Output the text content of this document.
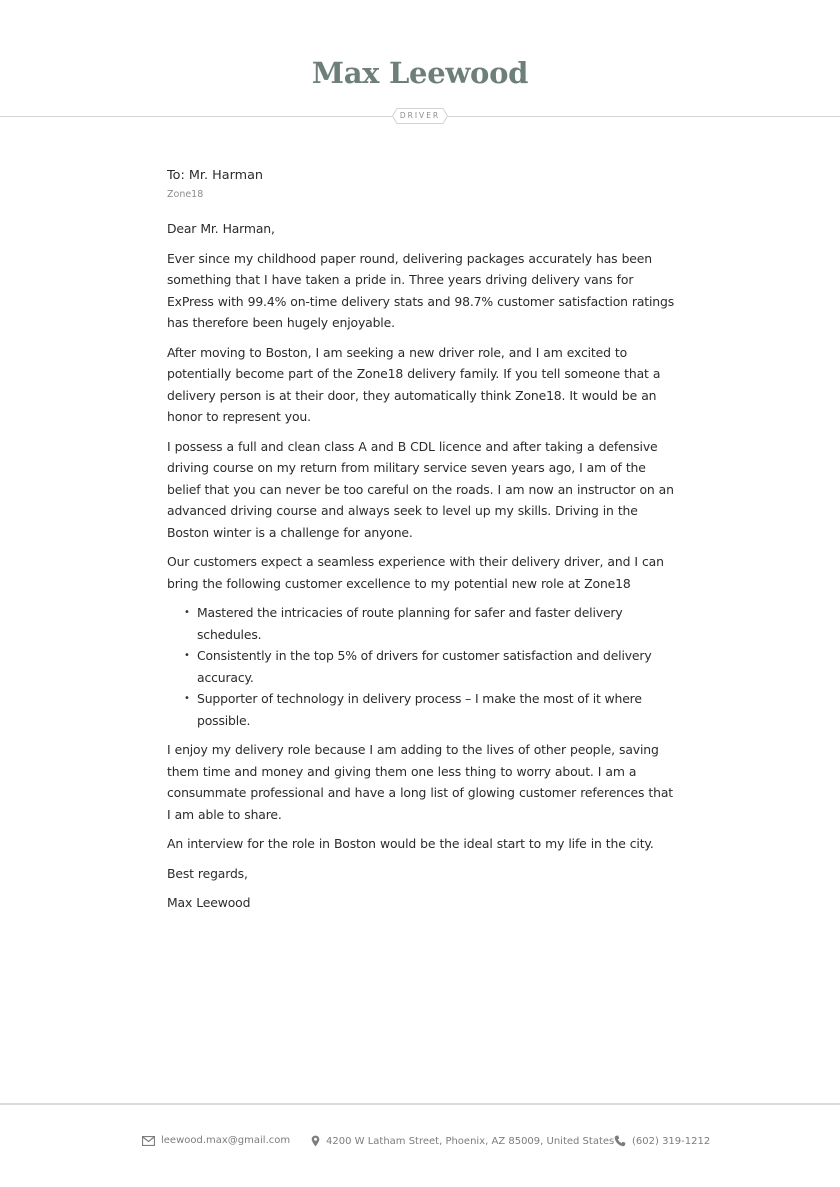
Max Leewood
DRIVER
To: Mr. Harman
Zone18

Dear Mr. Harman,

Ever since my childhood paper round, delivering packages accurately has been something that I have taken a pride in. Three years driving delivery vans for ExPress with 99.4% on-time delivery stats and 98.7% customer satisfaction ratings has therefore been hugely enjoyable.

After moving to Boston, I am seeking a new driver role, and I am excited to potentially become part of the Zone18 delivery family. If you tell someone that a delivery person is at their door, they automatically think Zone18. It would be an honor to represent you.

I possess a full and clean class A and B CDL licence and after taking a defensive driving course on my return from military service seven years ago, I am of the belief that you can never be too careful on the roads. I am now an instructor on an advanced driving course and always seek to level up my skills. Driving in the Boston winter is a challenge for anyone.

Our customers expect a seamless experience with their delivery driver, and I can bring the following customer excellence to my potential new role at Zone18

• Mastered the intricacies of route planning for safer and faster delivery schedules.
• Consistently in the top 5% of drivers for customer satisfaction and delivery accuracy.
• Supporter of technology in delivery process – I make the most of it where possible.

I enjoy my delivery role because I am adding to the lives of other people, saving them time and money and giving them one less thing to worry about. I am a consummate professional and have a long list of glowing customer references that I am able to share.

An interview for the role in Boston would be the ideal start to my life in the city.

Best regards,

Max Leewood

leewood.max@gmail.com	4200 W Latham Street, Phoenix, AZ 85009, United States (602) 319-1212
